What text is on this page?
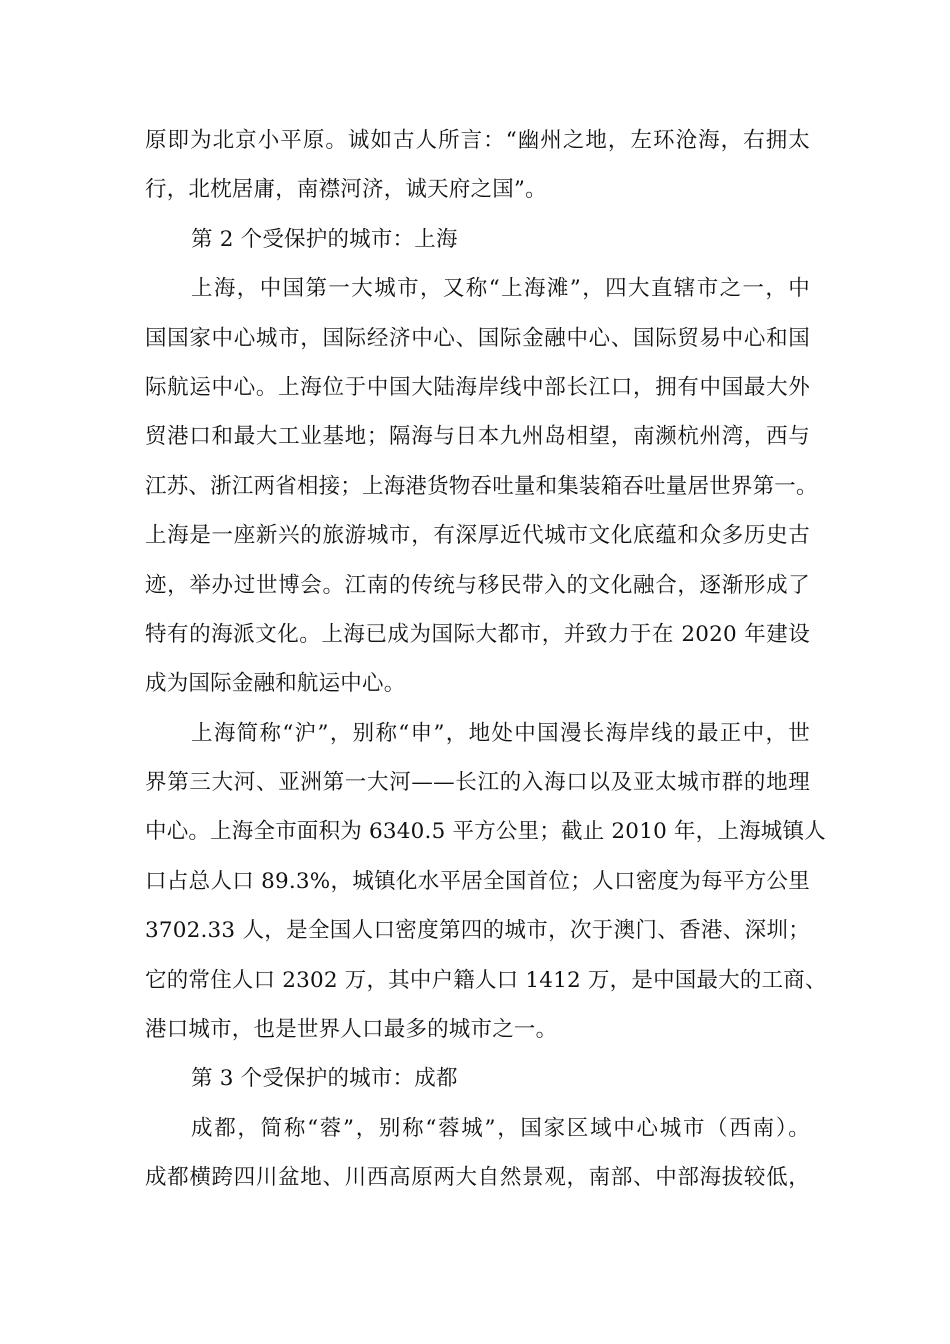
原即为北京小平原。诚如古人所言：“幽州之地，左环沧海，右拥太
行，北枕居庸，南襟河济，诚天府之国”。
第 2 个受保护的城市：上海
上海，中国第一大城市，又称“上海滩”，四大直辖市之一，中
国国家中心城市，国际经济中心、国际金融中心、国际贸易中心和国
际航运中心。上海位于中国大陆海岸线中部长江口，拥有中国最大外
贸港口和最大工业基地；隔海与日本九州岛相望，南濒杭州湾，西与
江苏、浙江两省相接；上海港货物吞吐量和集装箱吞吐量居世界第一。
上海是一座新兴的旅游城市，有深厚近代城市文化底蕴和众多历史古
迹，举办过世博会。江南的传统与移民带入的文化融合，逐渐形成了
特有的海派文化。上海已成为国际大都市，并致力于在 2020 年建设
成为国际金融和航运中心。
上海简称“沪”，别称“申”，地处中国漫长海岸线的最正中，世
界第三大河、亚洲第一大河——长江的入海口以及亚太城市群的地理
中心。上海全市面积为 6340.5 平方公里；截止 2010 年，上海城镇人
口占总人口 89.3%，城镇化水平居全国首位；人口密度为每平方公里
3702.33 人，是全国人口密度第四的城市，次于澳门、香港、深圳；
它的常住人口 2302 万，其中户籍人口 1412 万，是中国最大的工商、
港口城市，也是世界人口最多的城市之一。
第 3 个受保护的城市：成都
成都，简称“蓉”，别称“蓉城”，国家区域中心城市（西南）。
成都横跨四川盆地、川西高原两大自然景观，南部、中部海拔较低，
